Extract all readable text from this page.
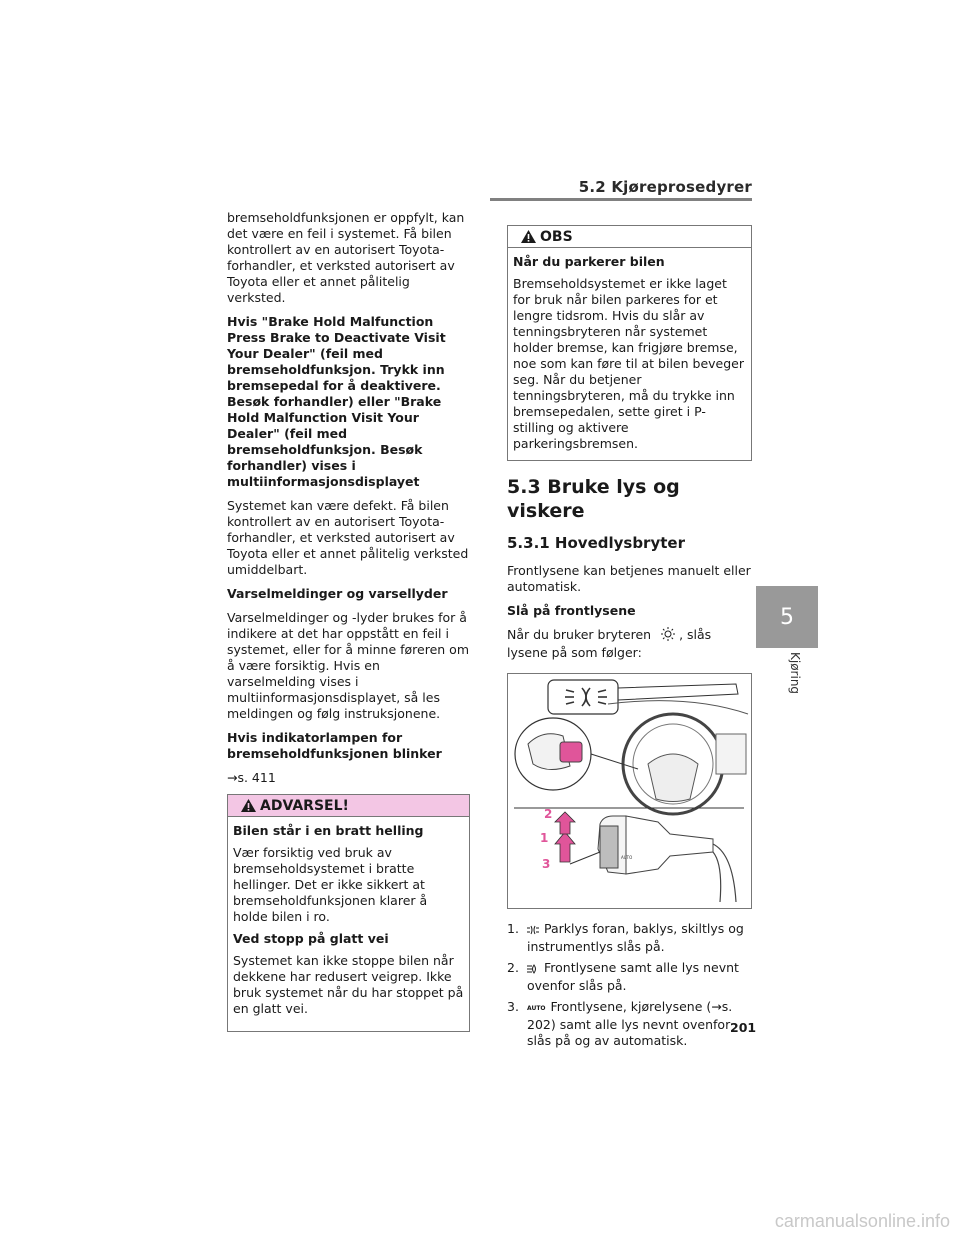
5.2 Kjøreprosedyrer
5
Kjøring

bremseholdfunksjonen er oppfylt, kan det være en feil i systemet. Få bilen kontrollert av en autorisert Toyota-forhandler, et verksted autorisert av Toyota eller et annet pålitelig verksted.

Hvis "Brake Hold Malfunction Press Brake to Deactivate Visit Your Dealer" (feil med bremseholdfunksjon. Trykk inn bremsepedal for å deaktivere. Besøk forhandler) eller "Brake Hold Malfunction Visit Your Dealer" (feil med bremseholdfunksjon. Besøk forhandler) vises i multiinformasjonsdisplayet

Systemet kan være defekt. Få bilen kontrollert av en autorisert Toyota-forhandler, et verksted autorisert av Toyota eller et annet pålitelig verksted umiddelbart.

Varselmeldinger og varsellyder

Varselmeldinger og -lyder brukes for å indikere at det har oppstått en feil i systemet, eller for å minne føreren om å være forsiktig. Hvis en varselmelding vises i multiinformasjonsdisplayet, så les meldingen og følg instruksjonene.

Hvis indikatorlampen for bremseholdfunksjonen blinker

→s. 411

ADVARSEL!

Bilen står i en bratt helling

Vær forsiktig ved bruk av bremseholdsystemet i bratte hellinger. Det er ikke sikkert at bremseholdfunksjonen klarer å holde bilen i ro.

Ved stopp på glatt vei

Systemet kan ikke stoppe bilen når dekkene har redusert veigrep. Ikke bruk systemet når du har stoppet på en glatt vei.

OBS

Når du parkerer bilen

Bremseholdsystemet er ikke laget for bruk når bilen parkeres for et lengre tidsrom. Hvis du slår av tenningsbryteren når systemet holder bremse, kan frigjøre bremse, noe som kan føre til at bilen beveger seg. Når du betjener tenningsbryteren, må du trykke inn bremsepedalen, sette giret i P-stilling og aktivere parkeringsbremsen.

5.3 Bruke lys og viskere
5.3.1 Hovedlysbryter

Frontlysene kan betjenes manuelt eller automatisk.

Slå på frontlysene

Når du bruker bryteren , slås lysene på som følger:

AUTO
2
1
3
1. Parklys foran, baklys, skiltlys og instrumentlys slås på.
2. Frontlysene samt alle lys nevnt ovenfor slås på.
3. AUTO Frontlysene, kjørelysene (→s. 202) samt alle lys nevnt ovenfor slås på og av automatisk.
201
carmanualsonline.info
